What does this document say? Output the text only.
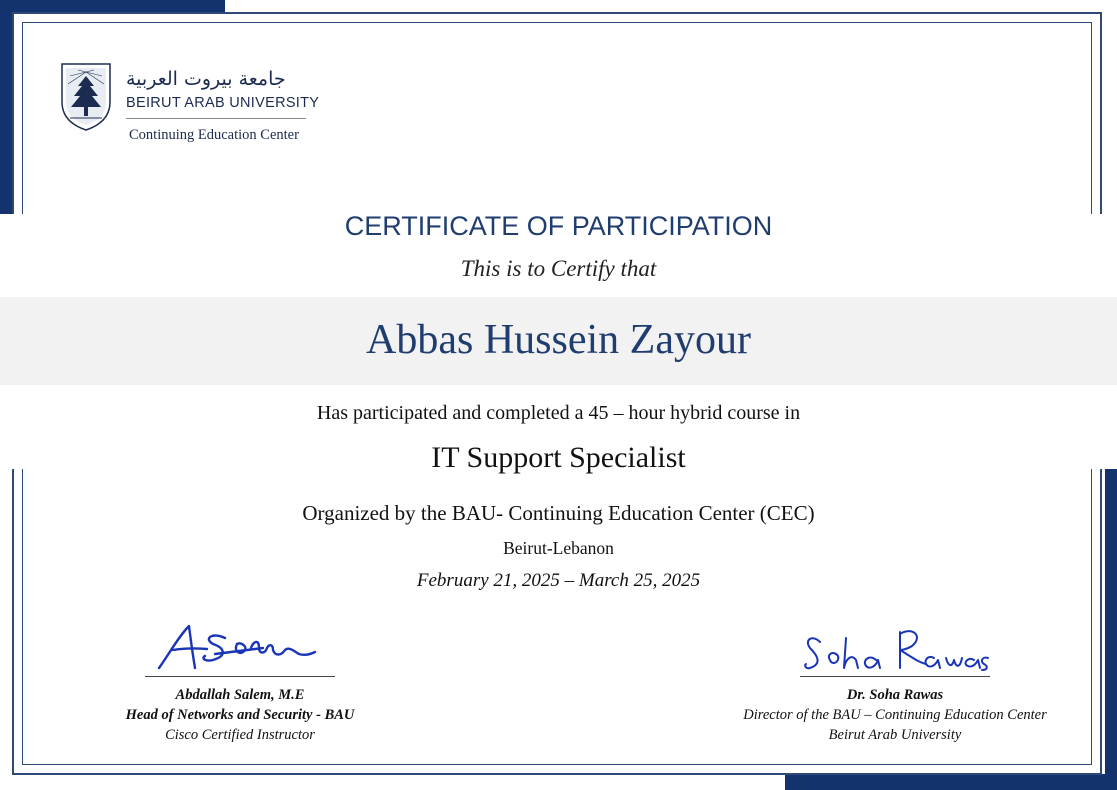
جامعة بيروت العربية
BEIRUT ARAB UNIVERSITY
Continuing Education Center
CERTIFICATE OF PARTICIPATION
This is to Certify that
Abbas Hussein Zayour
Has participated and completed a 45 – hour hybrid course in
IT Support Specialist
Organized by the BAU- Continuing Education Center (CEC)
Beirut-Lebanon
February 21, 2025 – March 25, 2025
Abdallah Salem, M.E
Head of Networks and Security - BAU
Cisco Certified Instructor
Dr. Soha Rawas
Director of the BAU – Continuing Education Center
Beirut Arab University
